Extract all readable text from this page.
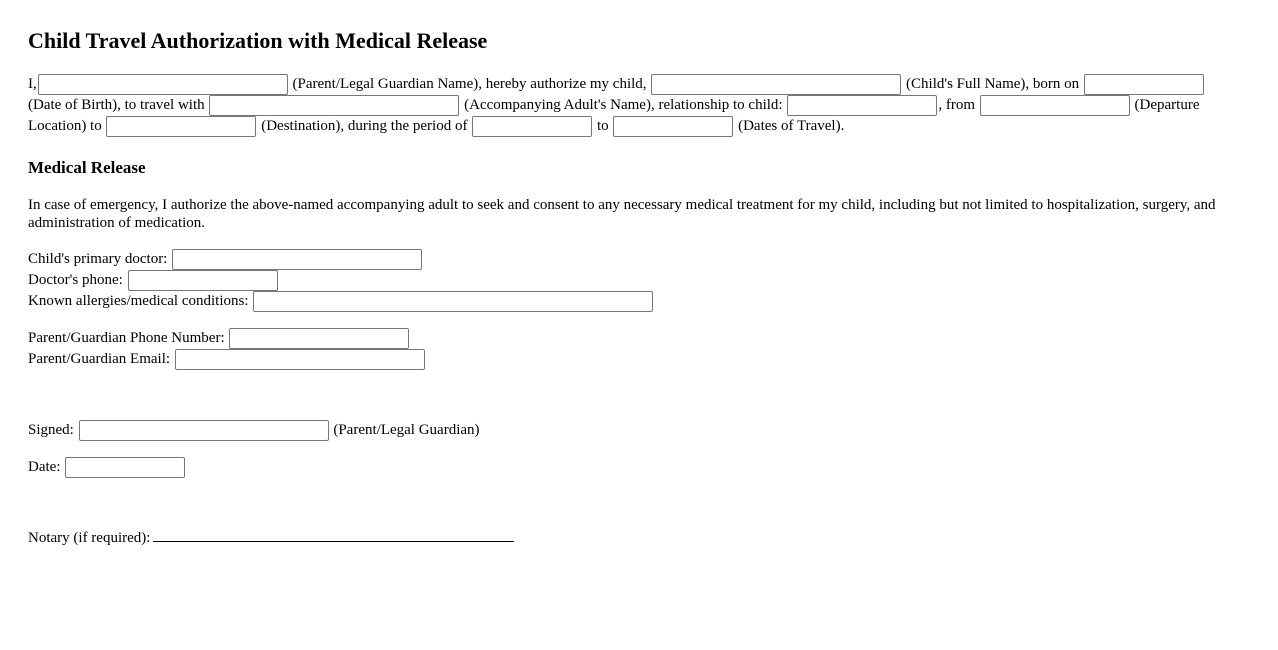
Child Travel Authorization with Medical Release
I,	(Parent/Legal Guardian Name), hereby authorize my child,	(Child's Full Name), born on
(Date of Birth), to travel with	(Accompanying Adult's Name), relationship to child:	, from	(Departure
Location) to	(Destination), during the period of	to	(Dates of Travel).
Medical Release
In case of emergency, I authorize the above-named accompanying adult to seek and consent to any necessary medical treatment for my child, including but not limited to hospitalization, surgery, and administration of medication.
Child's primary doctor:
Doctor's phone:
Known allergies/medical conditions:
Parent/Guardian Phone Number:
Parent/Guardian Email:
Signed:	(Parent/Legal Guardian)
Date:
Notary (if required):
